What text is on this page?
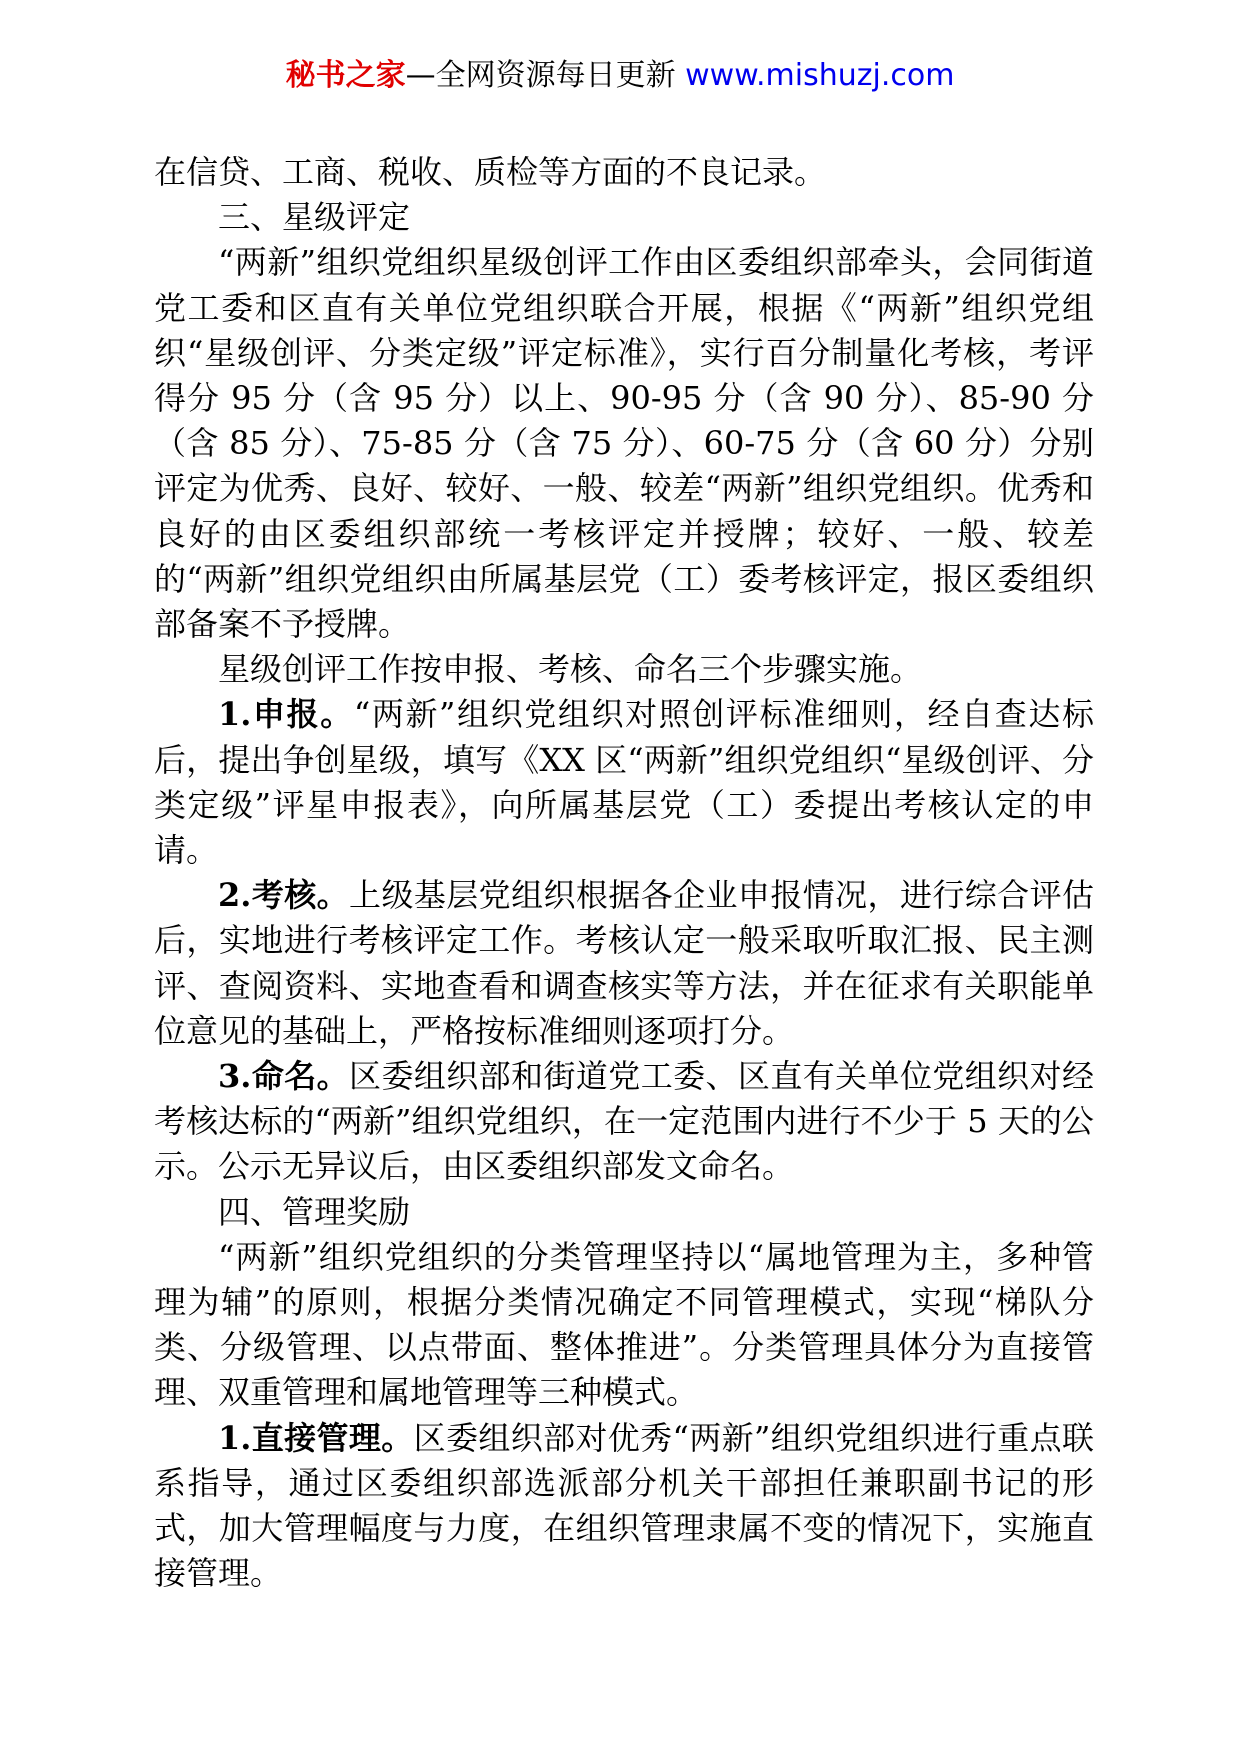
秘书之家—全网资源每日更新 www.mishuzj.com

在信贷、工商、税收、质检等方面的不良记录。

三、星级评定

“两新”组织党组织星级创评工作由区委组织部牵头，会同街道党工委和区直有关单位党组织联合开展，根据《“两新”组织党组织“星级创评、分类定级”评定标准》，实行百分制量化考核，考评得分 95 分（含 95 分）以上、90-95 分（含 90 分）、85-90 分（含 85 分）、75-85 分（含 75 分）、60-75 分（含 60 分）分别评定为优秀、良好、较好、一般、较差“两新”组织党组织。优秀和良好的由区委组织部统一考核评定并授牌；较好、一般、较差的“两新”组织党组织由所属基层党（工）委考核评定，报区委组织部备案不予授牌。

星级创评工作按申报、考核、命名三个步骤实施。

1.申报。“两新”组织党组织对照创评标准细则，经自查达标后，提出争创星级，填写《XX 区“两新”组织党组织“星级创评、分类定级”评星申报表》，向所属基层党（工）委提出考核认定的申请。

2.考核。上级基层党组织根据各企业申报情况，进行综合评估后，实地进行考核评定工作。考核认定一般采取听取汇报、民主测评、查阅资料、实地查看和调查核实等方法，并在征求有关职能单位意见的基础上，严格按标准细则逐项打分。

3.命名。区委组织部和街道党工委、区直有关单位党组织对经考核达标的“两新”组织党组织，在一定范围内进行不少于 5 天的公示。公示无异议后，由区委组织部发文命名。

四、管理奖励

“两新”组织党组织的分类管理坚持以“属地管理为主，多种管理为辅”的原则，根据分类情况确定不同管理模式，实现“梯队分类、分级管理、以点带面、整体推进”。分类管理具体分为直接管理、双重管理和属地管理等三种模式。

1.直接管理。区委组织部对优秀“两新”组织党组织进行重点联系指导，通过区委组织部选派部分机关干部担任兼职副书记的形式，加大管理幅度与力度，在组织管理隶属不变的情况下，实施直接管理。
